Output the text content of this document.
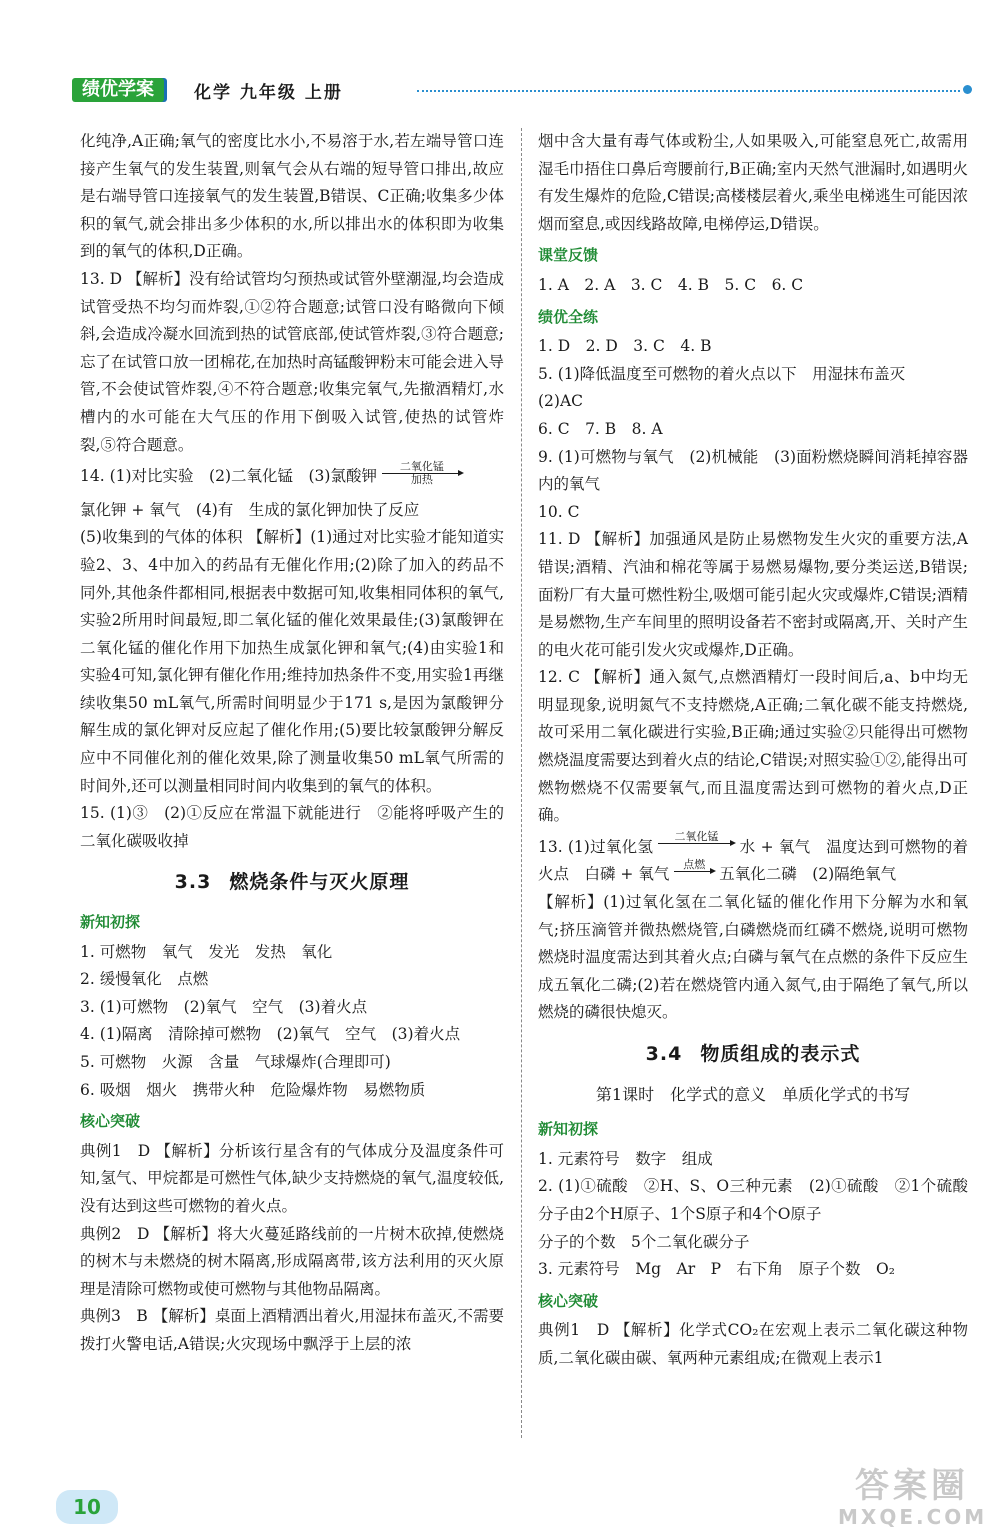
绩优学案	化学 九年级 上册

化纯净,A正确;氧气的密度比水小,不易溶于水,若左端导管口连接产生氧气的发生装置,则氧气会从右端的短导管口排出,故应是右端导管口连接氧气的发生装置,B错误、C正确;收集多少体积的氧气,就会排出多少体积的水,所以排出水的体积即为收集到的氧气的体积,D正确。

13. D 【解析】没有给试管均匀预热或试管外壁潮湿,均会造成试管受热不均匀而炸裂,①②符合题意;试管口没有略微向下倾斜,会造成冷凝水回流到热的试管底部,使试管炸裂,③符合题意;忘了在试管口放一团棉花,在加热时高锰酸钾粉末可能会进入导管,不会使试管炸裂,④不符合题意;收集完氧气,先撤酒精灯,水槽内的水可能在大气压的作用下倒吸入试管,使热的试管炸裂,⑤符合题意。

14. (1)对比实验　(2)二氧化锰　(3)氯酸钾
二氧化锰
加热

氯化钾 + 氧气　(4)有　生成的氯化钾加快了反应

(5)收集到的气体的体积 【解析】(1)通过对比实验才能知道实验2、3、4中加入的药品有无催化作用;(2)除了加入的药品不同外,其他条件都相同,根据表中数据可知,收集相同体积的氧气,实验2所用时间最短,即二氧化锰的催化效果最佳;(3)氯酸钾在二氧化锰的催化作用下加热生成氯化钾和氧气;(4)由实验1和实验4可知,氯化钾有催化作用;维持加热条件不变,用实验1再继续收集50 mL氧气,所需时间明显少于171 s,是因为氯酸钾分解生成的氯化钾对反应起了催化作用;(5)要比较氯酸钾分解反应中不同催化剂的催化效果,除了测量收集50 mL氧气所需的时间外,还可以测量相同时间内收集到的氧气的体积。

15. (1)③　(2)①反应在常温下就能进行　②能将呼吸产生的二氧化碳吸收掉

3.3 燃烧条件与灭火原理
新知初探

1. 可燃物　氧气　发光　发热　氧化

2. 缓慢氧化　点燃

3. (1)可燃物　(2)氧气　空气　(3)着火点

4. (1)隔离　清除掉可燃物　(2)氧气　空气　(3)着火点

5. 可燃物　火源　含量　气球爆炸(合理即可)

6. 吸烟　烟火　携带火种　危险爆炸物　易燃物质

核心突破

典例1　D 【解析】分析该行星含有的气体成分及温度条件可知,氢气、甲烷都是可燃性气体,缺少支持燃烧的氧气,温度较低,没有达到这些可燃物的着火点。

典例2　D 【解析】将大火蔓延路线前的一片树木砍掉,使燃烧的树木与未燃烧的树木隔离,形成隔离带,该方法利用的灭火原理是清除可燃物或使可燃物与其他物品隔离。

典例3　B 【解析】桌面上酒精洒出着火,用湿抹布盖灭,不需要拨打火警电话,A错误;火灾现场中飘浮于上层的浓

烟中含大量有毒气体或粉尘,人如果吸入,可能窒息死亡,故需用湿毛巾捂住口鼻后弯腰前行,B正确;室内天然气泄漏时,如遇明火有发生爆炸的危险,C错误;高楼楼层着火,乘坐电梯逃生可能因浓烟而窒息,或因线路故障,电梯停运,D错误。

课堂反馈

1. A　2. A　3. C　4. B　5. C　6. C

绩优全练

1. D　2. D　3. C　4. B

5. (1)降低温度至可燃物的着火点以下　用湿抹布盖灭

(2)AC

6. C　7. B　8. A

9. (1)可燃物与氧气　(2)机械能　(3)面粉燃烧瞬间消耗掉容器内的氧气

10. C

11. D 【解析】加强通风是防止易燃物发生火灾的重要方法,A错误;酒精、汽油和棉花等属于易燃易爆物,要分类运送,B错误;面粉厂有大量可燃性粉尘,吸烟可能引起火灾或爆炸,C错误;酒精是易燃物,生产车间里的照明设备若不密封或隔离,开、关时产生的电火花可能引发火灾或爆炸,D正确。

12. C 【解析】通入氮气,点燃酒精灯一段时间后,a、b中均无明显现象,说明氮气不支持燃烧,A正确;二氧化碳不能支持燃烧,故可采用二氧化碳进行实验,B正确;通过实验②只能得出可燃物燃烧温度需要达到着火点的结论,C错误;对照实验①②,能得出可燃物燃烧不仅需要氧气,而且温度需达到可燃物的着火点,D正确。

13. (1)过氧化氢
二氧化锰

水 + 氧气　温度达到可燃物的着火点　白磷 + 氧气
点燃

五氧化二磷　(2)隔绝氧气

【解析】(1)过氧化氢在二氧化锰的催化作用下分解为水和氧气;挤压滴管并微热燃烧管,白磷燃烧而红磷不燃烧,说明可燃物燃烧时温度需达到其着火点;白磷与氧气在点燃的条件下反应生成五氧化二磷;(2)若在燃烧管内通入氮气,由于隔绝了氧气,所以燃烧的磷很快熄灭。

3.4 物质组成的表示式
第1课时　化学式的意义　单质化学式的书写
新知初探

1. 元素符号　数字　组成

2. (1)①硫酸　②H、S、O三种元素　(2)①硫酸　②1个硫酸分子由2个H原子、1个S原子和4个O原子

分子的个数　5个二氧化碳分子

3. 元素符号　Mg　Ar　P　右下角　原子个数　O₂

核心突破

典例1　D 【解析】化学式CO₂在宏观上表示二氧化碳这种物质,二氧化碳由碳、氧两种元素组成;在微观上表示1

10
答案圈
MXQE.COM
